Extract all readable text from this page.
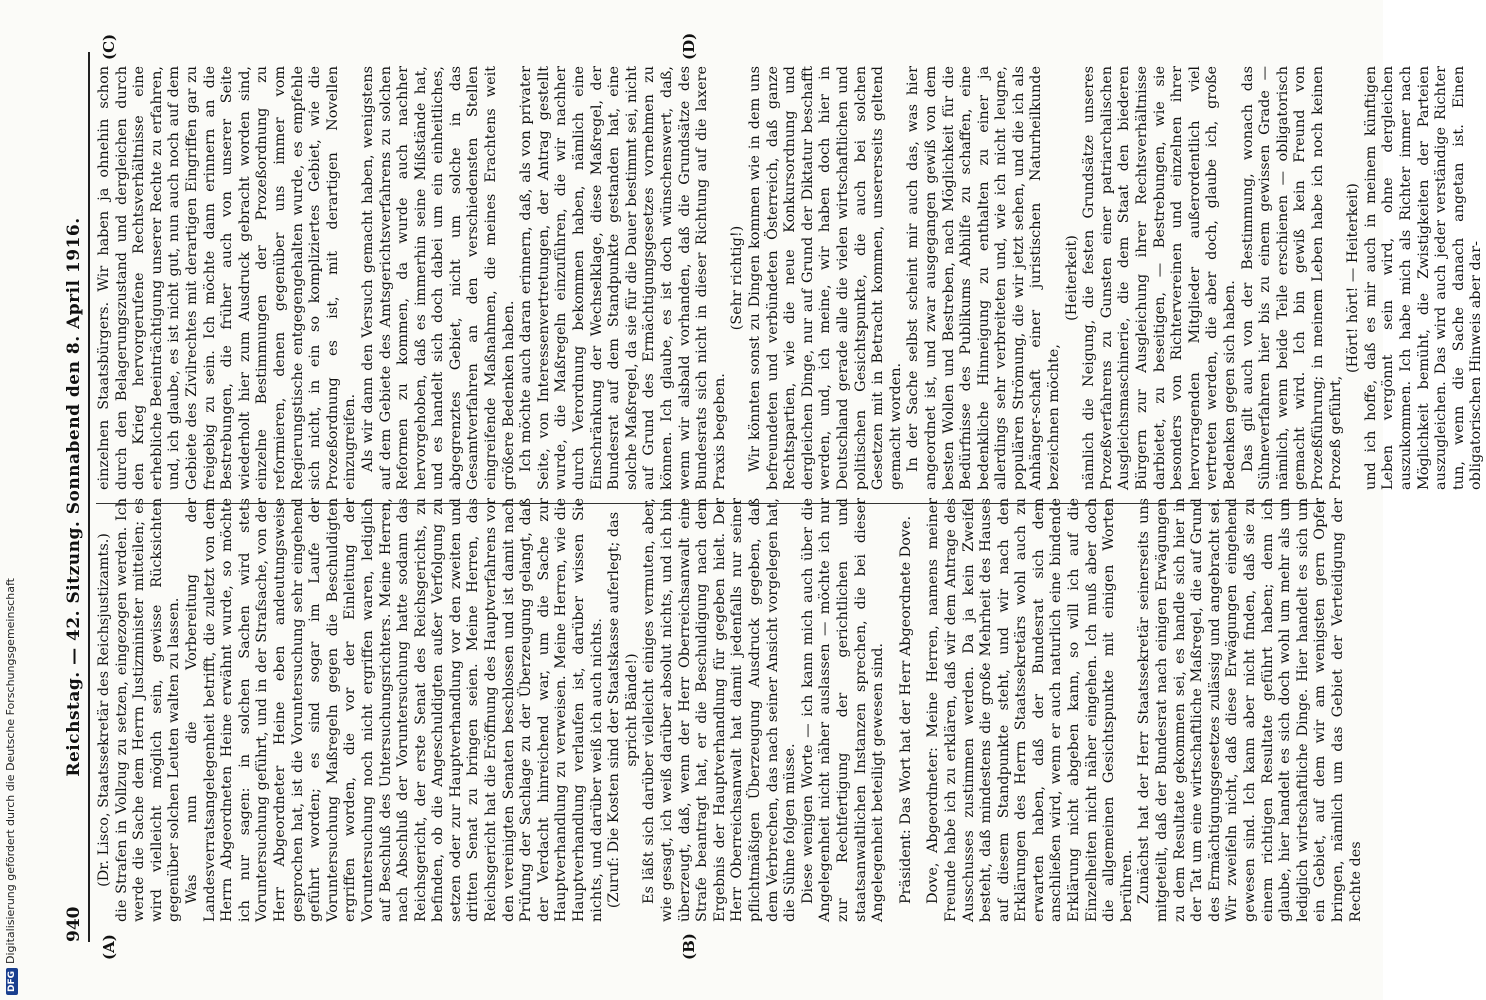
940
Reichstag. — 42. Sitzung. Sonnabend den 8. April 1916.
(A)	(B)
(C)	(D)

(Dr. Lisco, Staatssekretär des Reichsjustizamts.) die Strafen in Vollzug zu setzen, eingezogen werden. Ich werde die Sache dem Herrn Justizminister mitteilen; es wird vielleicht möglich sein, gewisse Rücksichten gegenüber solchen Leuten walten zu lassen. Was nun die Vorbereitung der Landesverratsangelegenheit betrifft, die zuletzt von dem Herrn Abgeordneten Heine erwähnt wurde, so möchte ich nur sagen: in solchen Sachen wird stets Voruntersuchung geführt, und in der Strafsache, von der Herr Abgeordneter Heine eben andeutungsweise gesprochen hat, ist die Voruntersuchung sehr eingehend geführt worden; es sind sogar im Laufe der Voruntersuchung Maßregeln gegen die Beschuldigten ergriffen worden, die vor der Einleitung der Voruntersuchung noch nicht ergriffen waren, lediglich auf Beschluß des Untersuchungsrichters. Meine Herren, nach Abschluß der Voruntersuchung hatte sodann das Reichsgericht, der erste Senat des Reichsgerichts, zu befinden, ob die Angeschuldigten außer Verfolgung zu setzen oder zur Hauptverhandlung vor den zweiten und dritten Senat zu bringen seien. Meine Herren, das Reichsgericht hat die Eröffnung des Hauptverfahrens vor den vereinigten Senaten beschlossen und ist damit nach Prüfung der Sachlage zu der Überzeugung gelangt, daß der Verdacht hinreichend war, um die Sache zur Hauptverhandlung zu verweisen. Meine Herren, wie die Hauptverhandlung verlaufen ist, darüber wissen Sie nichts, und darüber weiß ich auch nichts. (Zuruf: Die Kosten sind der Staatskasse auferlegt; das spricht Bände!) Es läßt sich darüber vielleicht einiges vermuten, aber, wie gesagt, ich weiß darüber absolut nichts, und ich bin überzeugt, daß, wenn der Herr Oberreichsanwalt eine Strafe beantragt hat, er die Beschuldigung nach dem Ergebnis der Hauptverhandlung für gegeben hielt. Der Herr Oberreichsanwalt hat damit jedenfalls nur seiner pflichtmäßigen Überzeugung Ausdruck gegeben, daß dem Verbrechen, das nach seiner Ansicht vorgelegen hat, die Sühne folgen müsse. Diese wenigen Worte — ich kann mich auch über die Angelegenheit nicht näher auslassen — möchte ich nur zur Rechtfertigung der gerichtlichen und staatsanwaltlichen Instanzen sprechen, die bei dieser Angelegenheit beteiligt gewesen sind. Präsident: Das Wort hat der Herr Abgeordnete Dove. Dove, Abgeordneter: Meine Herren, namens meiner Freunde habe ich zu erklären, daß wir dem Antrage des Ausschusses zustimmen werden. Da ja kein Zweifel besteht, daß mindestens die große Mehrheit des Hauses auf diesem Standpunkte steht, und wir nach den Erklärungen des Herrn Staatssekretärs wohl auch zu erwarten haben, daß der Bundesrat sich dem anschließen wird, wenn er auch naturlich eine bindende Erklärung nicht abgeben kann, so will ich auf die Einzelheiten nicht näher eingehen. Ich muß aber doch die allgemeinen Gesichtspunkte mit einigen Worten berühren. Zunächst hat der Herr Staatssekretär seinerseits uns mitgeteilt, daß der Bundesrat nach einigen Erwägungen zu dem Resultate gekommen sei, es handle sich hier in der Tat um eine wirtschaftliche Maßregel, die auf Grund des Ermächtigungsgesetzes zulässig und angebracht sei. Wir zweifeln nicht, daß diese Erwägungen eingehend gewesen sind. Ich kann aber nicht finden, daß sie zu einem richtigen Resultate geführt haben; denn ich glaube, hier handelt es sich doch wohl um mehr als um lediglich wirtschaftliche Dinge. Hier handelt es sich um ein Gebiet, auf dem wir am wenigsten gern Opfer bringen, nämlich um das Gebiet der Verteidigung der Rechte des

einzelnen Staatsbürgers. Wir haben ja ohnehin schon durch den Belagerungszustand und dergleichen durch den Krieg hervorgerufene Rechtsverhältnisse eine erhebliche Beeinträchtigung unserer Rechte zu erfahren, und, ich glaube, es ist nicht gut, nun auch noch auf dem Gebiete des Zivilrechtes mit derartigen Eingriffen gar zu freigebig zu sein. Ich möchte dann erinnern an die Bestrebungen, die früher auch von unserer Seite wiederholt hier zum Ausdruck gebracht worden sind, einzelne Bestimmungen der Prozeßordnung zu reformieren, denen gegenüber uns immer vom Regierungstische entgegengehalten wurde, es empfehle sich nicht, in ein so kompliziertes Gebiet, wie die Prozeßordnung es ist, mit derartigen Novellen einzugreifen. Als wir dann den Versuch gemacht haben, wenigstens auf dem Gebiete des Amtsgerichtsverfahrens zu solchen Reformen zu kommen, da wurde auch nachher hervorgehoben, daß es immerhin seine Mißstände hat, und es handelt sich doch dabei um ein einheitliches, abgegrenztes Gebiet, nicht um solche in das Gesamtverfahren an den verschiedensten Stellen eingreifende Maßnahmen, die meines Erachtens weit größere Bedenken haben. Ich möchte auch daran erinnern, daß, als von privater Seite, von Interessenvertretungen, der Antrag gestellt wurde, die Maßregeln einzuführen, die wir nachher durch Verordnung bekommen haben, nämlich eine Einschränkung der Wechselklage, diese Maßregel, der Bundesrat auf dem Standpunkte gestanden hat, eine solche Maßregel, da sie für die Dauer bestimmt sei, nicht auf Grund des Ermächtigungsgesetzes vornehmen zu können. Ich glaube, es ist doch wünschenswert, daß, wenn wir alsbald vorhanden, daß die Grundsätze des Bundesrats sich nicht in dieser Richtung auf die laxere Praxis begeben.

(Sehr richtig!) Wir könnten sonst zu Dingen kommen wie in dem uns befreundeten und verbündeten Österreich, daß ganze Rechtspartien, wie die neue Konkursordnung und dergleichen Dinge, nur auf Grund der Diktatur beschafft werden, und, ich meine, wir haben doch hier in Deutschland gerade alle die vielen wirtschaftlichen und politischen Gesichtspunkte, die auch bei solchen Gesetzen mit in Betracht kommen, unsererseits geltend gemacht worden. In der Sache selbst scheint mir auch das, was hier angeordnet ist, und zwar ausgegangen gewiß von dem besten Wollen und Bestreben, nach Möglichkeit für die Bedürfnisse des Publikums Abhilfe zu schaffen, eine bedenkliche Hinneigung zu enthalten zu einer ja allerdings sehr verbreiteten und, wie ich nicht leugne, populären Strömung, die wir jetzt sehen, und die ich als Anhänger-schaft einer juristischen Naturheilkunde bezeichnen möchte,

(Heiterkeit) nämlich die Neigung, die festen Grundsätze unseres Prozeßverfahrens zu Gunsten einer patriarchalischen Ausgleichsmaschinerie, die dem Staat den biederen Bürgern zur Ausgleichung ihrer Rechtsverhältnisse darbietet, zu beseitigen, — Bestrebungen, wie sie besonders von Richtervereinen und einzelnen ihrer hervorragenden Mitglieder außerordentlich viel vertreten werden, die aber doch, glaube ich, große Bedenken gegen sich haben. Das gilt auch von der Bestimmung, wonach das Sühneverfahren hier bis zu einem gewissen Grade — nämlich, wenn beide Teile erschienen — obligatorisch gemacht wird. Ich bin gewiß kein Freund von Prozeßführung; in meinem Leben habe ich noch keinen Prozeß geführt,

(Hört! hört! — Heiterkeit) und ich hoffe, daß es mir auch in meinem künftigen Leben vergönnt sein wird, ohne dergleichen auszukommen. Ich habe mich als Richter immer nach Möglichkeit bemüht, die Zwistigkeiten der Parteien auszugleichen. Das wird auch jeder verständige Richter tun, wenn die Sache danach angetan ist. Einen obligatorischen Hinweis aber dar-

DFGDigitalisierung gefördert durch die Deutsche Forschungsgemeinschaft
